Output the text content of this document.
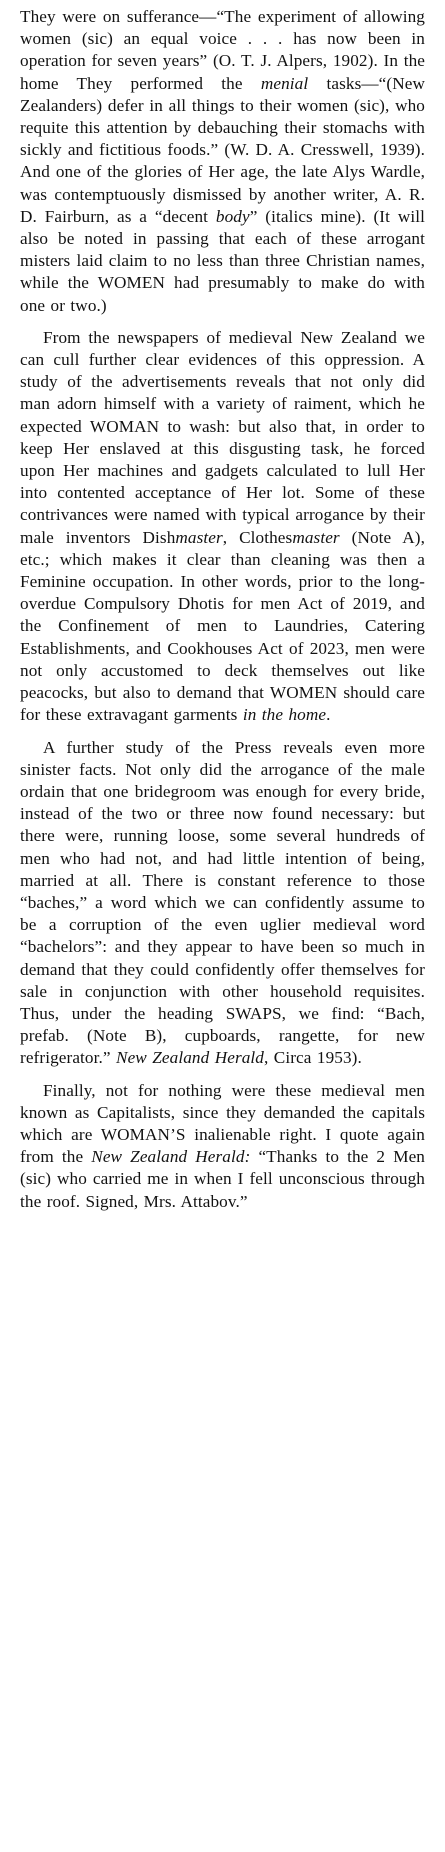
They were on sufferance—“The experiment of allowing women (sic) an equal voice . . . has now been in operation for seven years” (O. T. J. Alpers, 1902). In the home They performed the menial tasks—“(New Zealanders) defer in all things to their women (sic), who requite this attention by debauching their stomachs with sickly and fictitious foods.” (W. D. A. Cresswell, 1939). And one of the glories of Her age, the late Alys Wardle, was contemptuously dismissed by another writer, A. R. D. Fairburn, as a “decent body” (italics mine). (It will also be noted in passing that each of these arrogant misters laid claim to no less than three Christian names, while the WOMEN had presumably to make do with one or two.)

From the newspapers of medieval New Zealand we can cull further clear evidences of this oppression. A study of the advertisements reveals that not only did man adorn himself with a variety of raiment, which he expected WOMAN to wash: but also that, in order to keep Her enslaved at this disgusting task, he forced upon Her machines and gadgets calculated to lull Her into contented acceptance of Her lot. Some of these contrivances were named with typical arrogance by their male inventors Dishmaster, Clothesmaster (Note A), etc.; which makes it clear than cleaning was then a Feminine occupation. In other words, prior to the long-overdue Compulsory Dhotis for men Act of 2019, and the Confinement of men to Laundries, Catering Establishments, and Cookhouses Act of 2023, men were not only accustomed to deck themselves out like peacocks, but also to demand that WOMEN should care for these extravagant garments in the home.

A further study of the Press reveals even more sinister facts. Not only did the arrogance of the male ordain that one bridegroom was enough for every bride, instead of the two or three now found necessary: but there were, running loose, some several hundreds of men who had not, and had little intention of being, married at all. There is constant reference to those “baches,” a word which we can confidently assume to be a corruption of the even uglier medieval word “bachelors”: and they appear to have been so much in demand that they could confidently offer themselves for sale in conjunction with other household requisites. Thus, under the heading SWAPS, we find: “Bach, prefab. (Note B), cupboards, rangette, for new refrigerator.” New Zealand Herald, Circa 1953).

Finally, not for nothing were these medieval men known as Capitalists, since they demanded the capitals which are WOMAN’S inalienable right. I quote again from the New Zealand Herald: “Thanks to the 2 Men (sic) who carried me in when I fell unconscious through the roof. Signed, Mrs. Attabov.”
